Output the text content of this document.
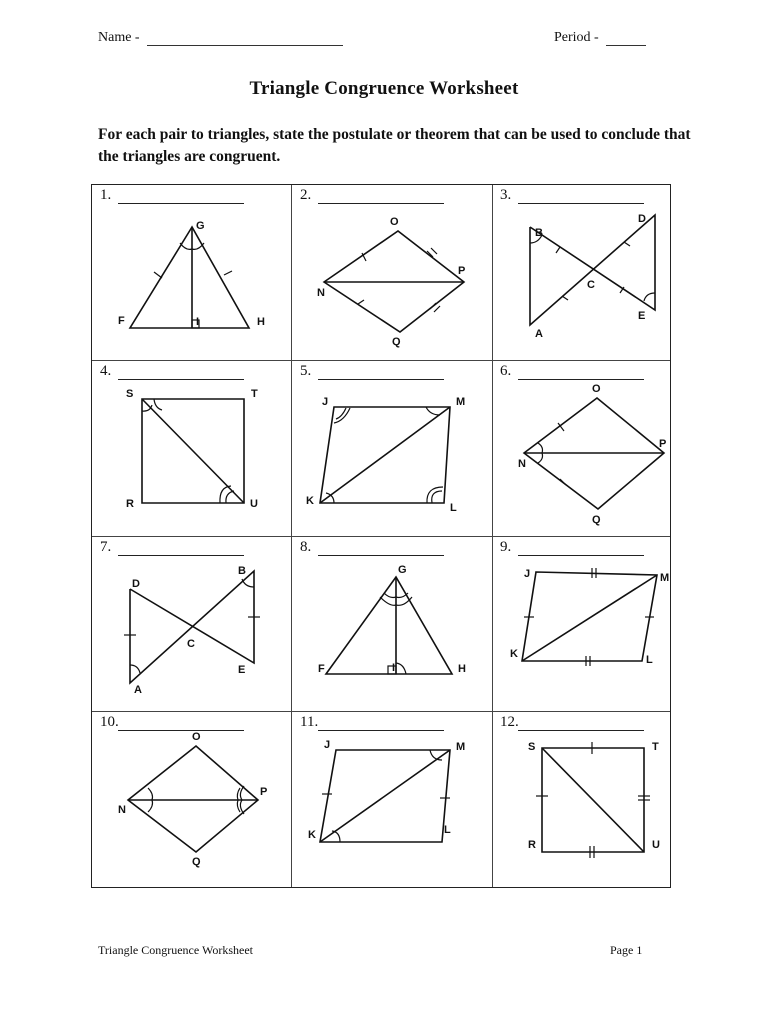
Name -	Period -
Triangle Congruence Worksheet
For each pair to triangles, state the postulate or theorem that can be used to conclude that the triangles are congruent.
1.
G
F	I	H
2.
O
P
N
Q
3.
B
D
C
E
A
4.
S	T
R	U
5.
J	M
K
L
6.
O
P
N
Q
7.
D
B
C
E
A
8.
G
F	I	H
9.
J	M
K	L
10.
O
P
N
Q
11.
J	M
K	L
12.
S	T
R	U
Triangle Congruence Worksheet	Page 1
